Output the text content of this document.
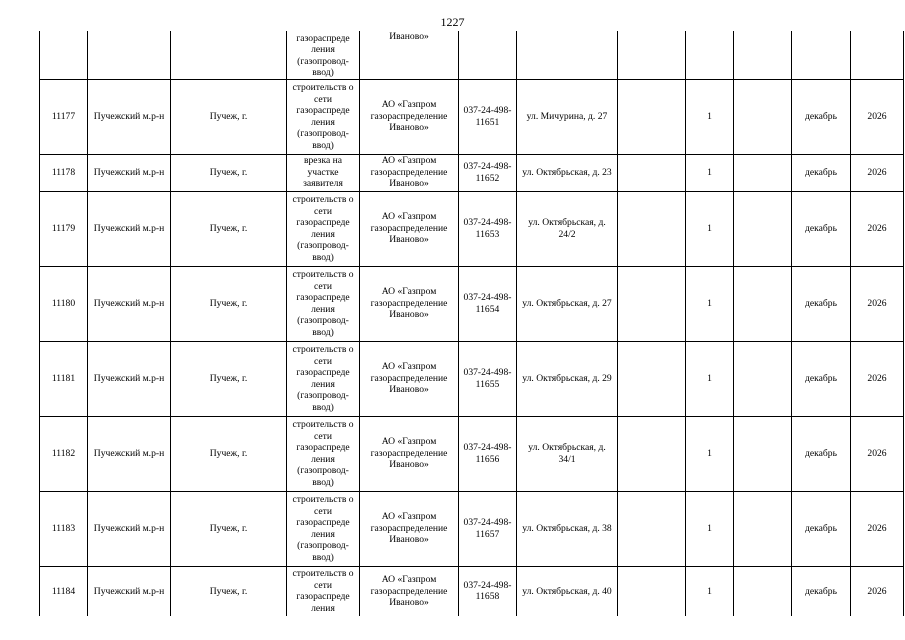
1227
			газораспреде ления (газопровод-ввод)	Иваново»							
11177	Пучежский м.р-н	Пучеж, г.	строительств о сети газораспреде ления (газопровод-ввод)	АО «Газпром газораспределение Иваново»	037-24-498-11651	ул. Мичурина, д. 27		1		декабрь	2026
11178	Пучежский м.р-н	Пучеж, г.	врезка на участке заявителя	АО «Газпром газораспределение Иваново»	037-24-498-11652	ул. Октябрьская, д. 23		1		декабрь	2026
11179	Пучежский м.р-н	Пучеж, г.	строительств о сети газораспреде ления (газопровод-ввод)	АО «Газпром газораспределение Иваново»	037-24-498-11653	ул. Октябрьская, д. 24/2		1		декабрь	2026
11180	Пучежский м.р-н	Пучеж, г.	строительств о сети газораспреде ления (газопровод-ввод)	АО «Газпром газораспределение Иваново»	037-24-498-11654	ул. Октябрьская, д. 27		1		декабрь	2026
11181	Пучежский м.р-н	Пучеж, г.	строительств о сети газораспреде ления (газопровод-ввод)	АО «Газпром газораспределение Иваново»	037-24-498-11655	ул. Октябрьская, д. 29		1		декабрь	2026
11182	Пучежский м.р-н	Пучеж, г.	строительств о сети газораспреде ления (газопровод-ввод)	АО «Газпром газораспределение Иваново»	037-24-498-11656	ул. Октябрьская, д. 34/1		1		декабрь	2026
11183	Пучежский м.р-н	Пучеж, г.	строительств о сети газораспреде ления (газопровод-ввод)	АО «Газпром газораспределение Иваново»	037-24-498-11657	ул. Октябрьская, д. 38		1		декабрь	2026
11184	Пучежский м.р-н	Пучеж, г.	строительств о сети газораспреде ления	АО «Газпром газораспределение Иваново»	037-24-498-11658	ул. Октябрьская, д. 40		1		декабрь	2026
